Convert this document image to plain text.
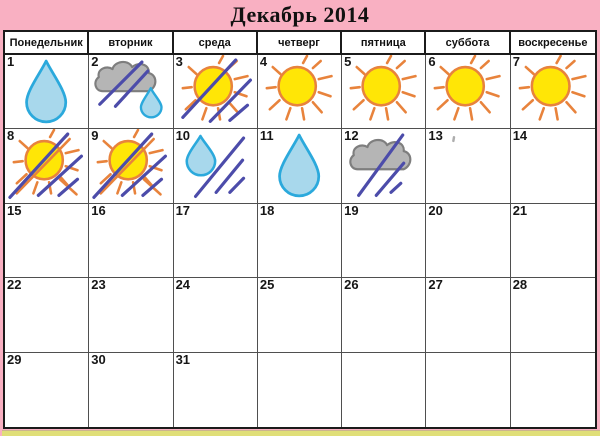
Декабрь 2014
Понедельник	вторник	среда	четверг	пятница	суббота	воскресенье
1	2	3	4	5	6	7
8	9	10	11	12	13	14
15	16	17	18	19	20	21
22	23	24	25	26	27	28
29	30	31
